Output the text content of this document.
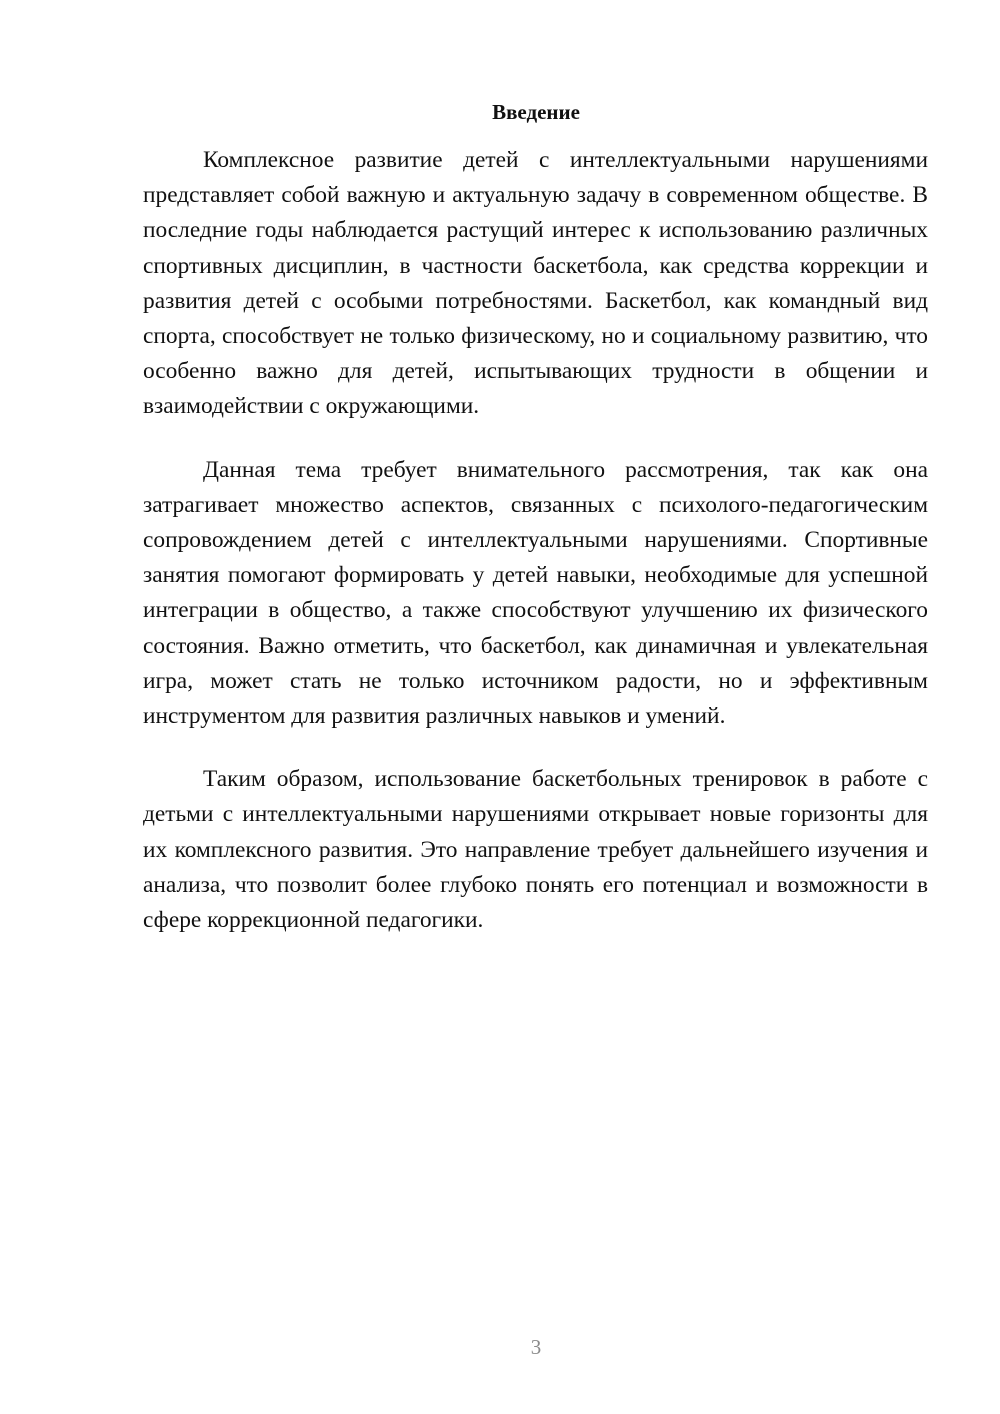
Введение

Комплексное развитие детей с интеллектуальными нарушениями представляет собой важную и актуальную задачу в современном обществе. В последние годы наблюдается растущий интерес к использованию различных спортивных дисциплин, в частности баскетбола, как средства коррекции и развития детей с особыми потребностями. Баскетбол, как командный вид спорта, способствует не только физическому, но и социальному развитию, что особенно важно для детей, испытывающих трудности в общении и взаимодействии с окружающими.

Данная тема требует внимательного рассмотрения, так как она затрагивает множество аспектов, связанных с психолого-педагогическим сопровождением детей с интеллектуальными нарушениями. Спортивные занятия помогают формировать у детей навыки, необходимые для успешной интеграции в общество, а также способствуют улучшению их физического состояния. Важно отметить, что баскетбол, как динамичная и увлекательная игра, может стать не только источником радости, но и эффективным инструментом для развития различных навыков и умений.

Таким образом, использование баскетбольных тренировок в работе с детьми с интеллектуальными нарушениями открывает новые горизонты для их комплексного развития. Это направление требует дальнейшего изучения и анализа, что позволит более глубоко понять его потенциал и возможности в сфере коррекционной педагогики.

3
